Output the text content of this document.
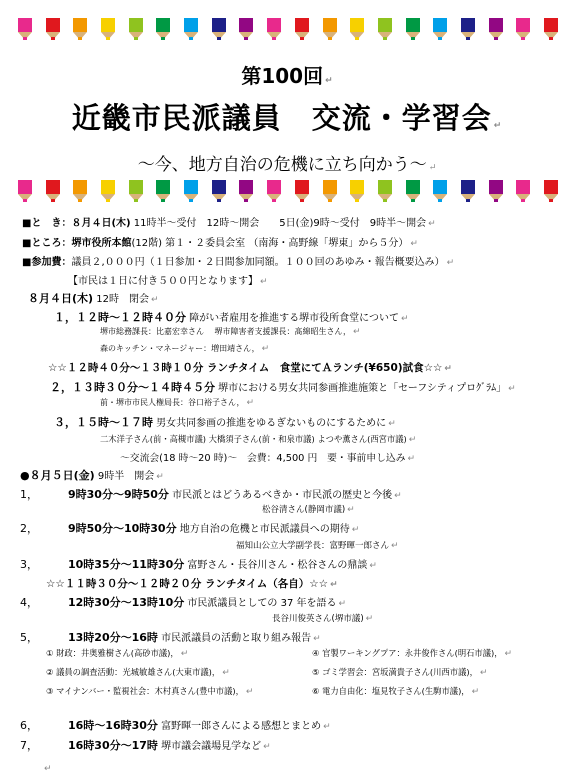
第100回 ↵
近畿市民派議員　交流・学習会 ↵
～今、地方自治の危機に立ち向かう～ ↵
■と　き：８月４日(木) 11時半～受付　12時～開会　　5日(金)9時～受付　9時半～開会 ↵
■ところ：堺市役所本館(12階) 第１・２委員会室 （南海・高野線「堺東」から５分） ↵
■参加費：議員２,０００円（１日参加・２日間参加同額。１００回のあゆみ・報告概要込み） ↵
【市民は１日に付き５００円となります】 ↵
８月４日(木) 12時　閉会 ↵
１，１２時～１２時４０分 障がい者雇用を推進する堺市役所食堂について ↵
堺市総務課長：比嘉宏幸さん　 堺市障害者支援課長：髙綿昭生さん， ↵
森のキッチン・マネージャー：増田靖さん， ↵
☆☆１２時４０分～１３時１０分 ランチタイム　食堂にてＡランチ(¥650)試食☆☆ ↵
２，１３時３０分～１４時４５分 堺市における男女共同参画推進施策と「セーフシティプロｸﾞﾗﾑ」 ↵
前・堺市市民人権局長：谷口裕子さん， ↵
３，１５時～１７時 男女共同参画の推進をゆるぎないものにするために ↵
二木洋子さん(前・高槻市議) 大橋須子さん(前・和泉市議) よつや薫さん(西宮市議) ↵
～交流会(18 時～20 時)～　会費：4,500 円　要・事前申し込み ↵
●８月５日(金) 9時半　開会 ↵
1，	9時30分～9時50分 市民派とはどうあるべきか・市民派の歴史と今後 ↵
松谷清さん(静岡市議) ↵
2，	9時50分～10時30分 地方自治の危機と市民派議員への期待 ↵
福知山公立大学副学長：富野暉一郎さん ↵
3，	10時35分～11時30分 富野さん・長谷川さん・松谷さんの鼎談 ↵
☆☆１１時３０分～１２時２０分 ランチタイム（各自）☆☆ ↵
4，	12時30分～13時10分 市民派議員としての 37 年を語る ↵
長谷川俊英さん(堺市議) ↵
5，	13時20分～16時 市民派議員の活動と取り組み報告 ↵
① 財政：井奥雅樹さん(高砂市議)， ↵	④ 官製ワーキングプア：永井俊作さん(明石市議)， ↵
② 議員の調査活動：光城敏雄さん(大東市議)， ↵	⑤ ゴミ学習会：宮坂満貴子さん(川西市議)， ↵
③ マイナンバー・監視社会：木村真さん(豊中市議)， ↵	⑥ 電力自由化：塩見牧子さん(生駒市議)， ↵
6，	16時～16時30分 富野暉一郎さんによる感想とまとめ ↵
7，	16時30分～17時 堺市議会議場見学など ↵
↵
